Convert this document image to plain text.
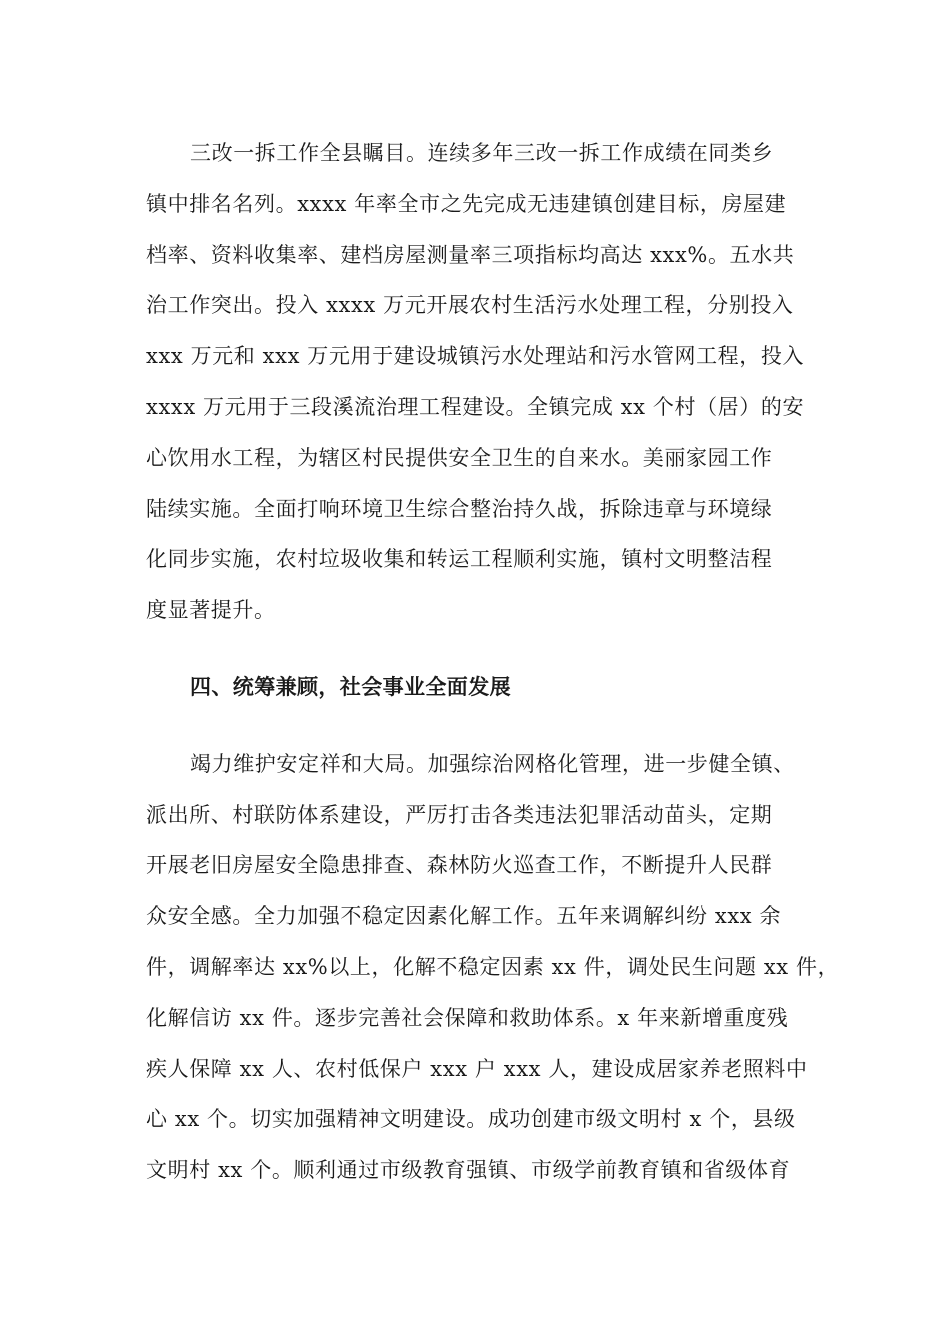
三改一拆工作全县瞩目。连续多年三改一拆工作成绩在同类乡
镇中排名名列。xxxx 年率全市之先完成无违建镇创建目标，房屋建
档率、资料收集率、建档房屋测量率三项指标均高达 xxx%。五水共
治工作突出。投入 xxxx 万元开展农村生活污水处理工程，分别投入
xxx 万元和 xxx 万元用于建设城镇污水处理站和污水管网工程，投入
xxxx 万元用于三段溪流治理工程建设。全镇完成 xx 个村（居）的安
心饮用水工程，为辖区村民提供安全卫生的自来水。美丽家园工作
陆续实施。全面打响环境卫生综合整治持久战，拆除违章与环境绿
化同步实施，农村垃圾收集和转运工程顺利实施，镇村文明整洁程
度显著提升。
四、统筹兼顾，社会事业全面发展
竭力维护安定祥和大局。加强综治网格化管理，进一步健全镇、
派出所、村联防体系建设，严厉打击各类违法犯罪活动苗头，定期
开展老旧房屋安全隐患排查、森林防火巡查工作，不断提升人民群
众安全感。全力加强不稳定因素化解工作。五年来调解纠纷 xxx 余
件，调解率达 xx%以上，化解不稳定因素 xx 件，调处民生问题 xx 件，
化解信访 xx 件。逐步完善社会保障和救助体系。x 年来新增重度残
疾人保障 xx 人、农村低保户 xxx 户 xxx 人，建设成居家养老照料中
心 xx 个。切实加强精神文明建设。成功创建市级文明村 x 个，县级
文明村 xx 个。顺利通过市级教育强镇、市级学前教育镇和省级体育
